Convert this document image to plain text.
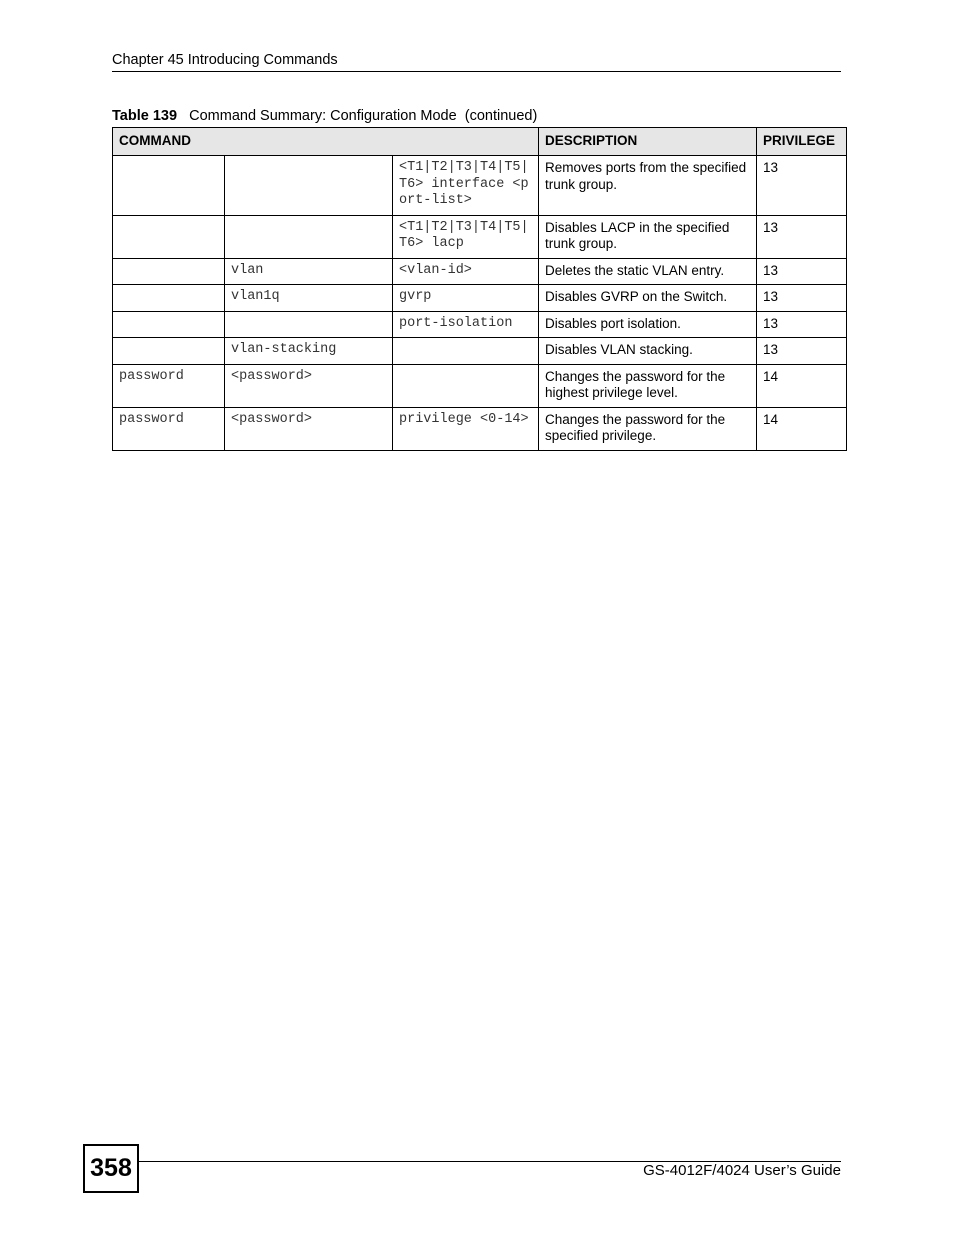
Chapter 45 Introducing Commands
Table 139 Command Summary: Configuration Mode  (continued)
COMMAND			DESCRIPTION	PRIVILEGE
		<T1|T2|T3|T4|T5|T6> interface <port-list>	Removes ports from the specified trunk group.	13
		<T1|T2|T3|T4|T5|T6> lacp	Disables LACP in the specified trunk group.	13
	vlan	<vlan-id>	Deletes the static VLAN entry.	13
	vlan1q	gvrp	Disables GVRP on the Switch.	13
		port-isolation	Disables port isolation.	13
	vlan-stacking		Disables VLAN stacking.	13
password	<password>		Changes the password for the highest privilege level.	14
password	<password>	privilege <0-14>	Changes the password for the specified privilege.	14
358	GS-4012F/4024 User’s Guide
